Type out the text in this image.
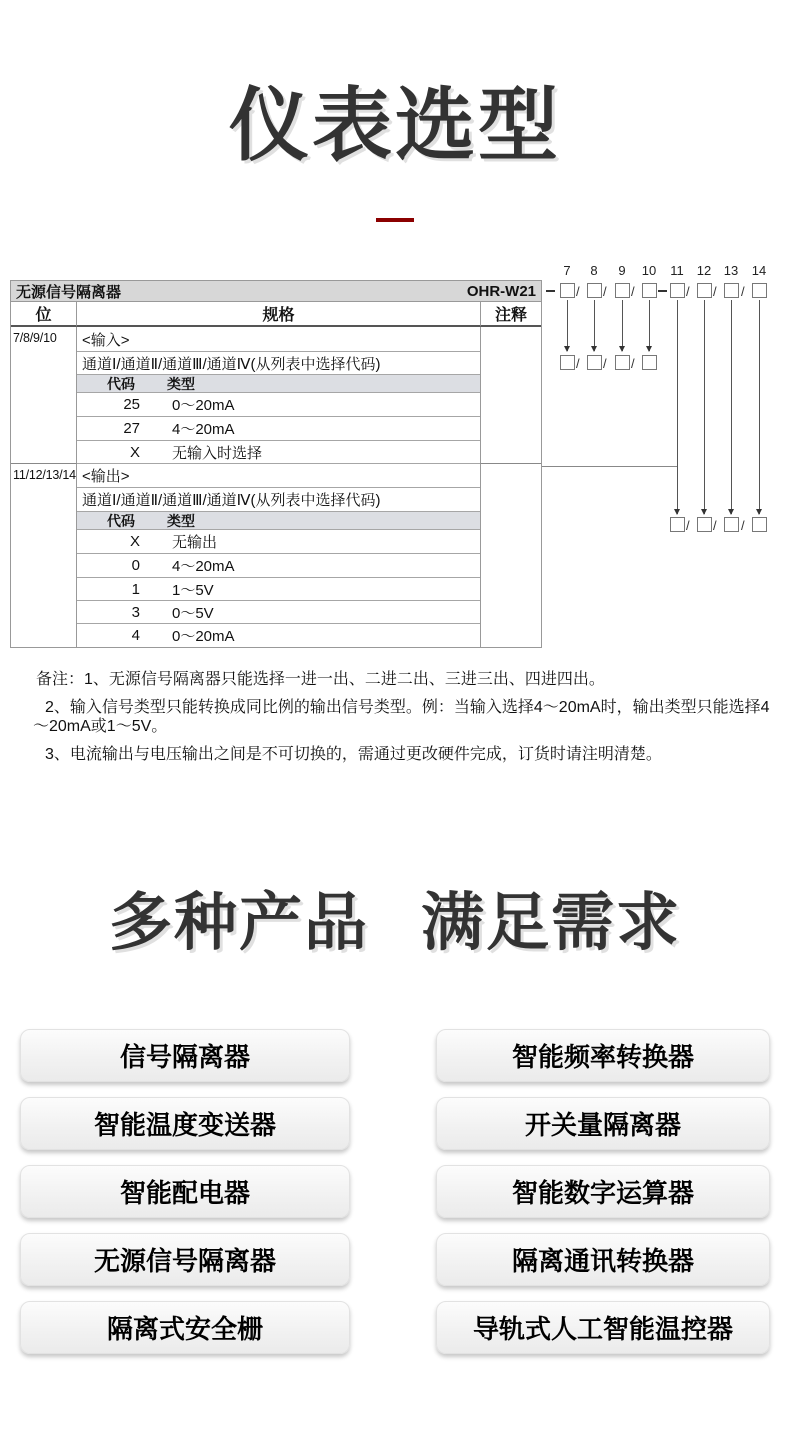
仪表选型
无源信号隔离器	OHR-W21
位	规格	注释
7/8/9/10	<输入>
通道Ⅰ/通道Ⅱ/通道Ⅲ/通道Ⅳ(从列表中选择代码)
代码 类型
25 0～20mA
27 4～20mA
X 无输入时选择
11/12/13/14 <输出>
通道Ⅰ/通道Ⅱ/通道Ⅲ/通道Ⅳ(从列表中选择代码)
代码 类型
X 无输出
0 4～20mA
1 1～5V
3 0～5V
4 0～20mA
7	8	9	10 11 12 13 14
/ / /	/ / /
/ / /
/ / /

备注：1、无源信号隔离器只能选择一进一出、二进二出、三进三出、四进四出。

2、输入信号类型只能转换成同比例的输出信号类型。例：当输入选择4～20mA时，输出类型只能选择4～20mA或1～5V。

3、电流输出与电压输出之间是不可切换的，需通过更改硬件完成，订货时请注明清楚。

多种产品 满足需求
信号隔离器	智能频率转换器
智能温度变送器	开关量隔离器
智能配电器	智能数字运算器
无源信号隔离器	隔离通讯转换器
隔离式安全栅	导轨式人工智能温控器
